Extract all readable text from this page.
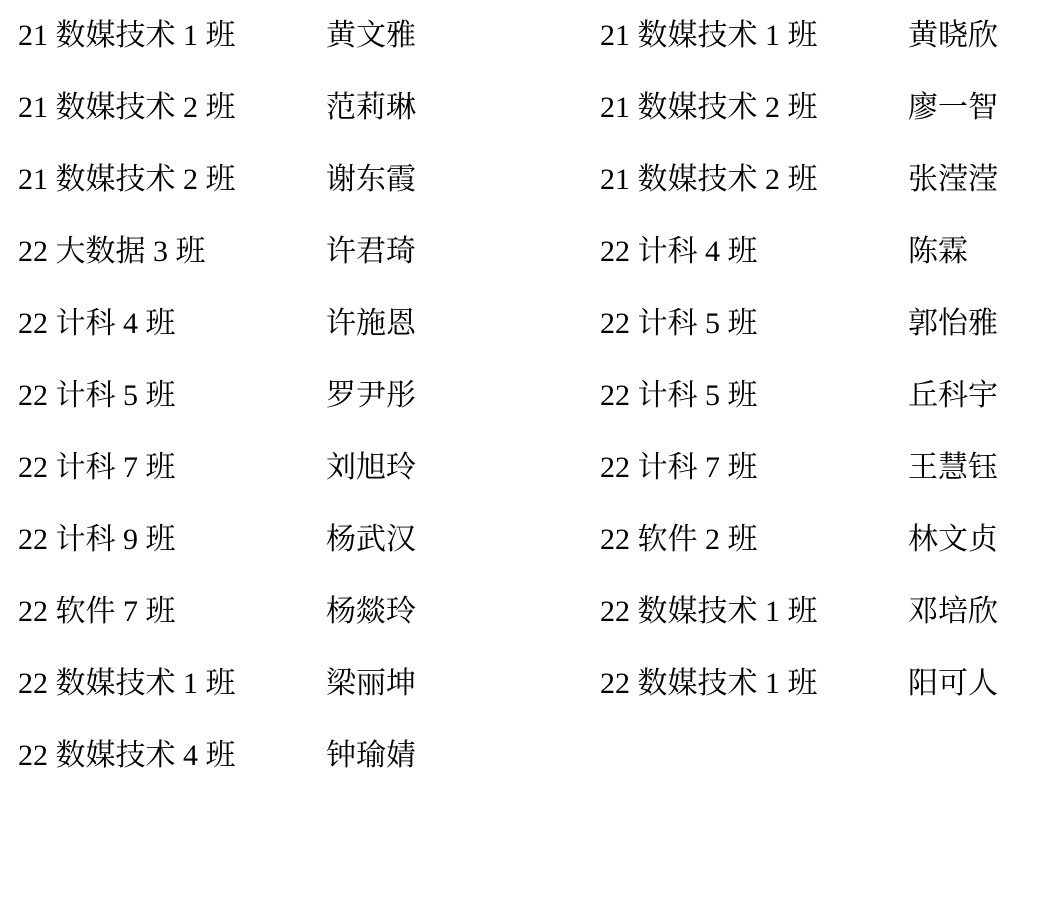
21 数媒技术 1 班	黄文雅	21 数媒技术 1 班	黄晓欣
21 数媒技术 2 班	范莉琳	21 数媒技术 2 班	廖一智
21 数媒技术 2 班	谢东霞	21 数媒技术 2 班	张滢滢
22 大数据 3 班	许君琦	22 计科 4 班	陈霖
22 计科 4 班	许施恩	22 计科 5 班	郭怡雅
22 计科 5 班	罗尹彤	22 计科 5 班	丘科宇
22 计科 7 班	刘旭玲	22 计科 7 班	王慧钰
22 计科 9 班	杨武汉	22 软件 2 班	林文贞
22 软件 7 班	杨燚玲	22 数媒技术 1 班	邓培欣
22 数媒技术 1 班	梁丽坤	22 数媒技术 1 班	阳可人
22 数媒技术 4 班	钟瑜婧		
